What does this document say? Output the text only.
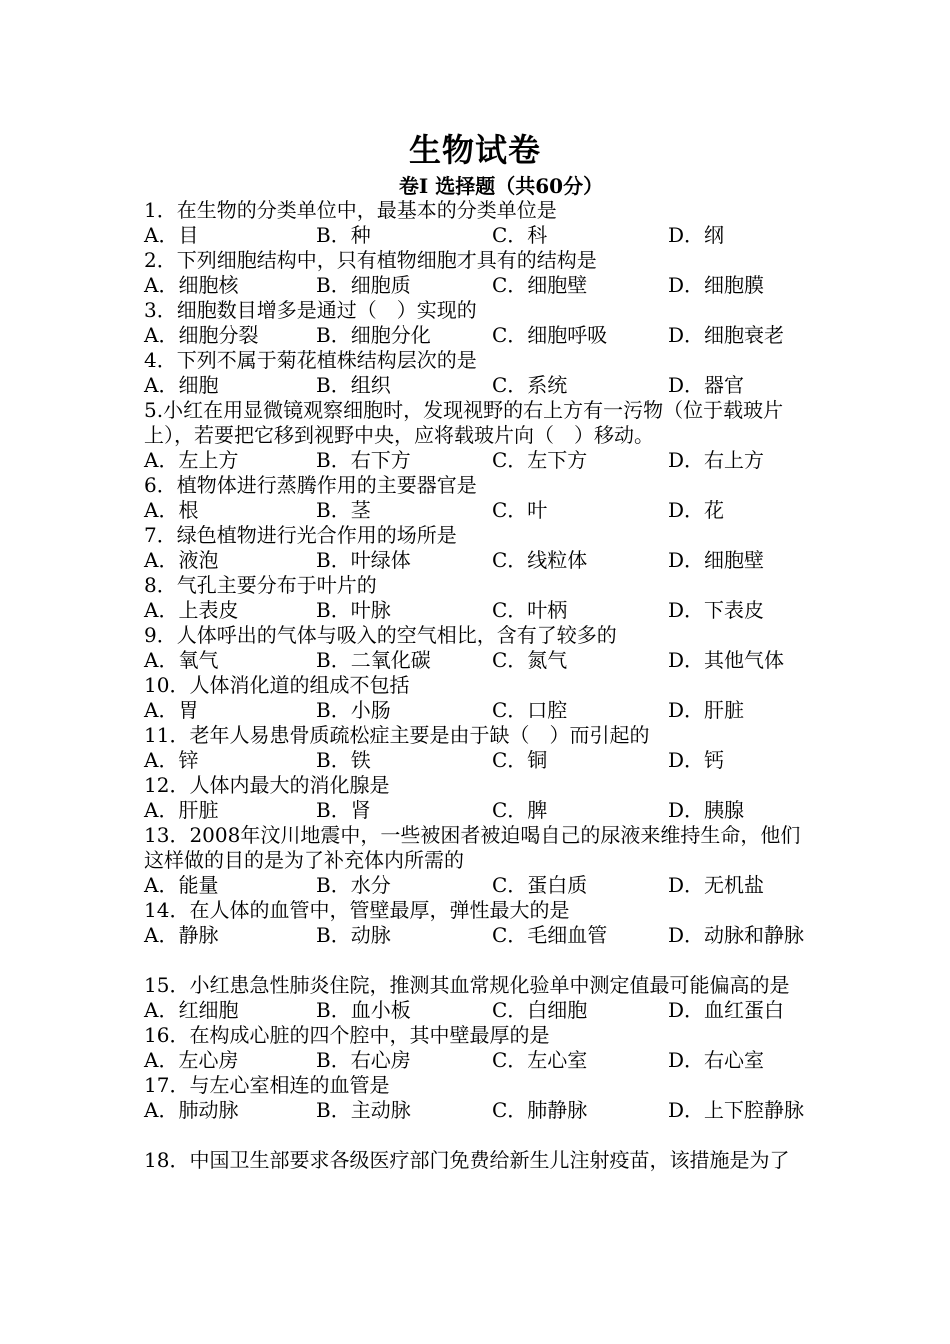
生物试卷
卷Ⅰ 选择题（共60分）
1．在生物的分类单位中，最基本的分类单位是
A．目	B．种	C．科	D．纲
2．下列细胞结构中，只有植物细胞才具有的结构是
A．细胞核	B．细胞质	C．细胞壁	D．细胞膜
3．细胞数目增多是通过（　）实现的
A．细胞分裂	B．细胞分化	C．细胞呼吸	D．细胞衰老
4．下列不属于菊花植株结构层次的是
A．细胞	B．组织	C．系统	D．器官
5.小红在用显微镜观察细胞时，发现视野的右上方有一污物（位于载玻片上），若要把它移到视野中央，应将载玻片向（　）移动。
A．左上方	B．右下方	C．左下方	D．右上方
6．植物体进行蒸腾作用的主要器官是
A．根	B．茎	C．叶	D．花
7．绿色植物进行光合作用的场所是
A．液泡	B．叶绿体	C．线粒体	D．细胞壁
8．气孔主要分布于叶片的
A．上表皮	B．叶脉	C．叶柄	D．下表皮
9．人体呼出的气体与吸入的空气相比，含有了较多的
A．氧气	B．二氧化碳	C．氮气	D．其他气体
10．人体消化道的组成不包括
A．胃	B．小肠	C．口腔	D．肝脏
11．老年人易患骨质疏松症主要是由于缺（　）而引起的
A．锌	B．铁	C．铜	D．钙
12．人体内最大的消化腺是
A．肝脏	B．肾	C．脾	D．胰腺
13．2008年汶川地震中，一些被困者被迫喝自己的尿液来维持生命，他们这样做的目的是为了补充体内所需的
A．能量	B．水分	C．蛋白质	D．无机盐
14．在人体的血管中，管壁最厚，弹性最大的是
A．静脉	B．动脉	C．毛细血管	D．动脉和静脉
15．小红患急性肺炎住院，推测其血常规化验单中测定值最可能偏高的是
A．红细胞	B．血小板	C．白细胞	D．血红蛋白
16．在构成心脏的四个腔中，其中壁最厚的是
A．左心房	B．右心房	C．左心室	D．右心室
17．与左心室相连的血管是
A．肺动脉	B．主动脉	C．肺静脉	D．上下腔静脉
18．中国卫生部要求各级医疗部门免费给新生儿注射疫苗，该措施是为了
